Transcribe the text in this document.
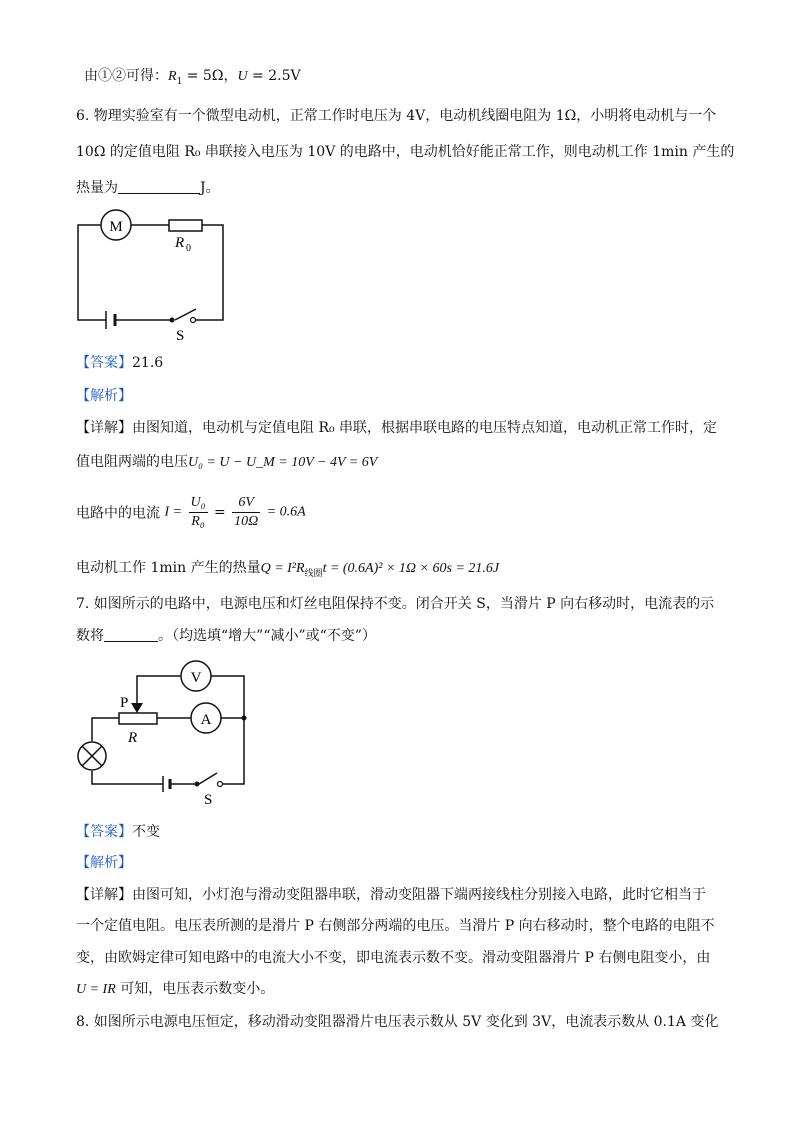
由①②可得：$R_1 = 5\Omega$，U = 2.5V
6. 物理实验室有一个微型电动机，正常工作时电压为 4V，电动机线圈电阻为 1Ω，小明将电动机与一个
10Ω 的定值电阻 R₀ 串联接入电压为 10V 的电路中，电动机恰好能正常工作，则电动机工作 1min 产生的
热量为	J。
M
R 0
S
【答案】21.6
【解析】
【详解】由图知道，电动机与定值电阻 R₀ 串联，根据串联电路的电压特点知道，电动机正常工作时，定
值电阻两端的电压U₀ = U − U_M = 10V − 4V = 6V
电路中的电流 $I = \frac{\text{U₀}}{\text{R₀}} = \frac{6V}{10\Omega} = 0.6A$
电动机工作 1min 产生的热量$Q = I^2R_{线圈}t = (0.6A)^2 \times 1\Omega \times 60s = 21.6J$
7. 如图所示的电路中，电源电压和灯丝电阻保持不变。闭合开关 S，当滑片 P 向右移动时，电流表的示
数将	。（均选填“增大”“减小”或“不变”）
V
A
P
R
S
【答案】不变
【解析】
【详解】由图可知，小灯泡与滑动变阻器串联，滑动变阻器下端两接线柱分别接入电路，此时它相当于
一个定值电阻。电压表所测的是滑片 P 右侧部分两端的电压。当滑片 P 向右移动时，整个电路的电阻不
变，由欧姆定律可知电路中的电流大小不变，即电流表示数不变。滑动变阻器滑片 P 右侧电阻变小，由
U = IR 可知，电压表示数变小。
8. 如图所示电源电压恒定，移动滑动变阻器滑片电压表示数从 5V 变化到 3V，电流表示数从 0.1A 变化
